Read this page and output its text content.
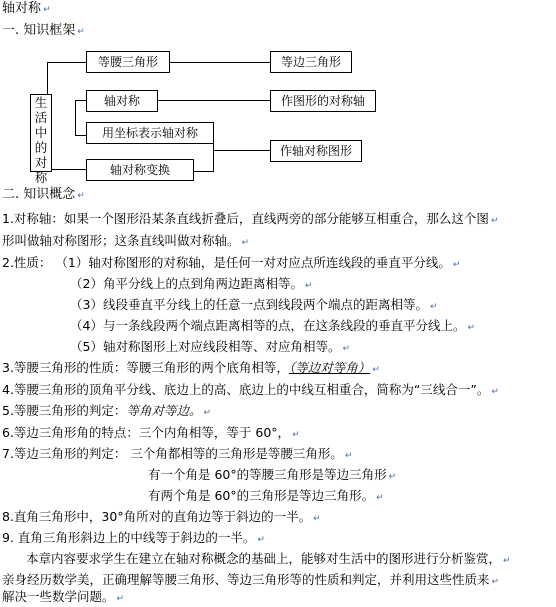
轴对称 ↵
一. 知识框架 ↵
生活中的对称
等腰三角形
轴对称
用坐标表示轴对称
轴对称变换
等边三角形
作图形的对称轴
作轴对称图形
二. 知识概念 ↵
1.对称轴：如果一个图形沿某条直线折叠后，直线两旁的部分能够互相重合，那么这个图 ↵
形叫做轴对称图形；这条直线叫做对称轴。 ↵
2.性质： （1）轴对称图形的对称轴，是任何一对对应点所连线段的垂直平分线。 ↵
（2）角平分线上的点到角两边距离相等。 ↵
（3）线段垂直平分线上的任意一点到线段两个端点的距离相等。 ↵
（4）与一条线段两个端点距离相等的点，在这条线段的垂直平分线上。 ↵
（5）轴对称图形上对应线段相等、对应角相等。 ↵
3.等腰三角形的性质：等腰三角形的两个底角相等，（等边对等角） ↵
4.等腰三角形的顶角平分线、底边上的高、底边上的中线互相重合，简称为“三线合一”。 ↵
5.等腰三角形的判定：等角对等边。 ↵
6.等边三角形角的特点：三个内角相等，等于 60°， ↵
7.等边三角形的判定： 三个角都相等的三角形是等腰三角形。 ↵
有一个角是 60°的等腰三角形是等边三角形 ↵
有两个角是 60°的三角形是等边三角形。 ↵
8.直角三角形中，30°角所对的直角边等于斜边的一半。 ↵
9. 直角三角形斜边上的中线等于斜边的一半。 ↵
本章内容要求学生在建立在轴对称概念的基础上，能够对生活中的图形进行分析鉴赏， ↵
亲身经历数学美，正确理解等腰三角形、等边三角形等的性质和判定，并利用这些性质来 ↵
解决一些数学问题。 ↵
